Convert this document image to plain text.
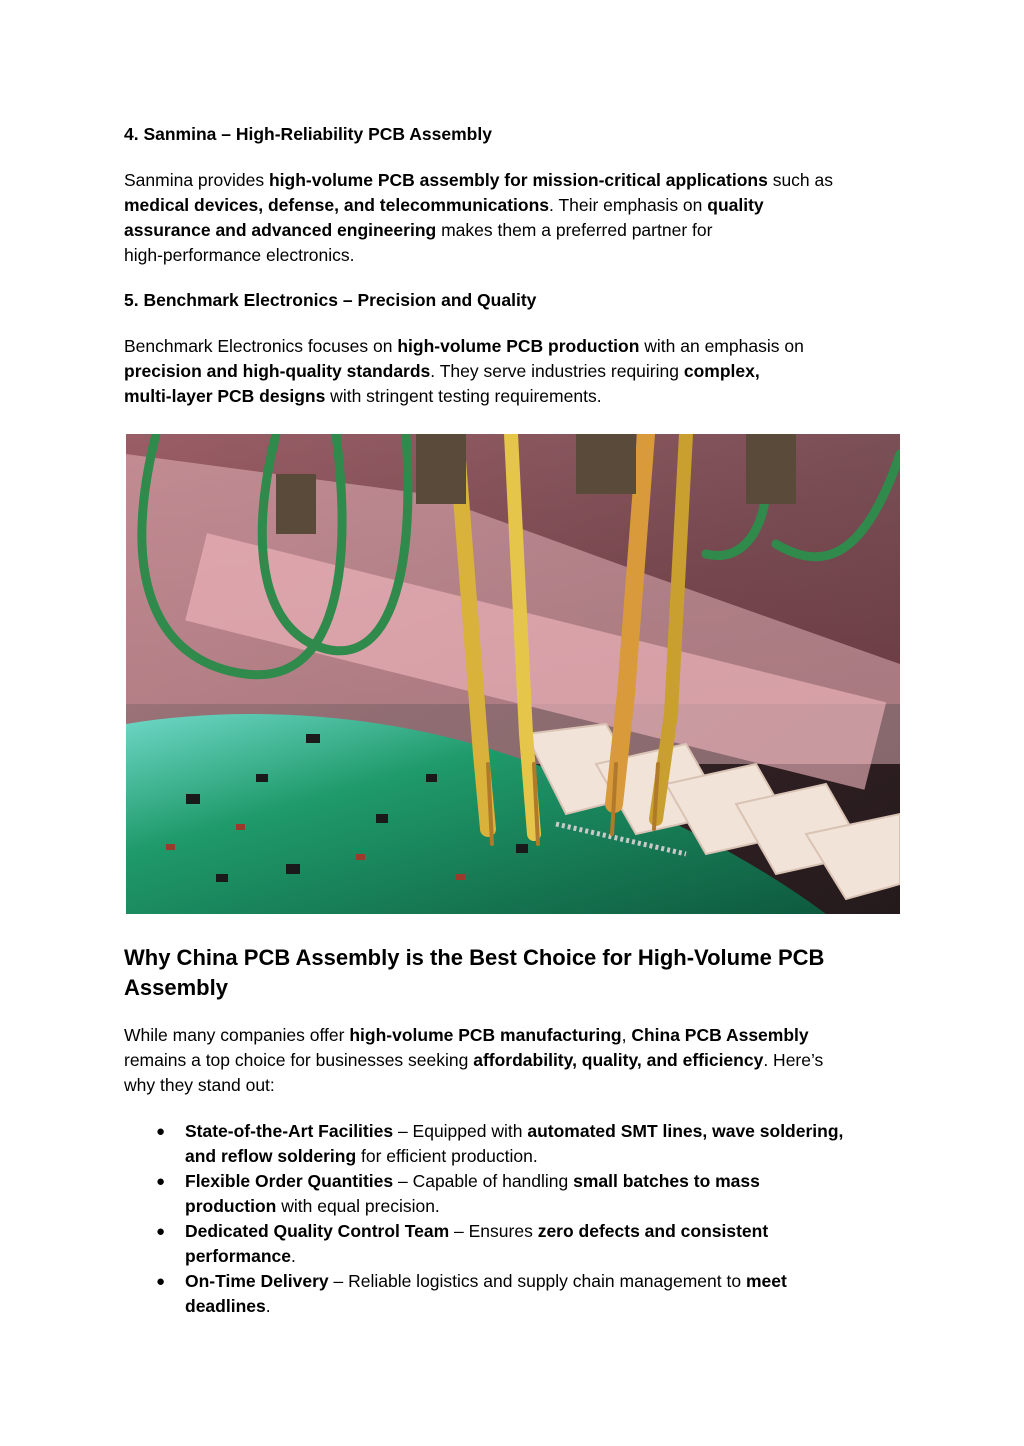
4. Sanmina – High-Reliability PCB Assembly
Sanmina provides high-volume PCB assembly for mission-critical applications such as
medical devices, defense, and telecommunications. Their emphasis on quality
assurance and advanced engineering makes them a preferred partner for
high-performance electronics.
5. Benchmark Electronics – Precision and Quality
Benchmark Electronics focuses on high-volume PCB production with an emphasis on
precision and high-quality standards. They serve industries requiring complex,
multi-layer PCB designs with stringent testing requirements.
Why China PCB Assembly is the Best Choice for High-Volume PCB
Assembly
While many companies offer high-volume PCB manufacturing, China PCB Assembly
remains a top choice for businesses seeking affordability, quality, and efficiency. Here’s
why they stand out:
● State-of-the-Art Facilities – Equipped with automated SMT lines, wave soldering,
and reflow soldering for efficient production.
● Flexible Order Quantities – Capable of handling small batches to mass
production with equal precision.
● Dedicated Quality Control Team – Ensures zero defects and consistent
performance.
● On-Time Delivery – Reliable logistics and supply chain management to meet
deadlines.
